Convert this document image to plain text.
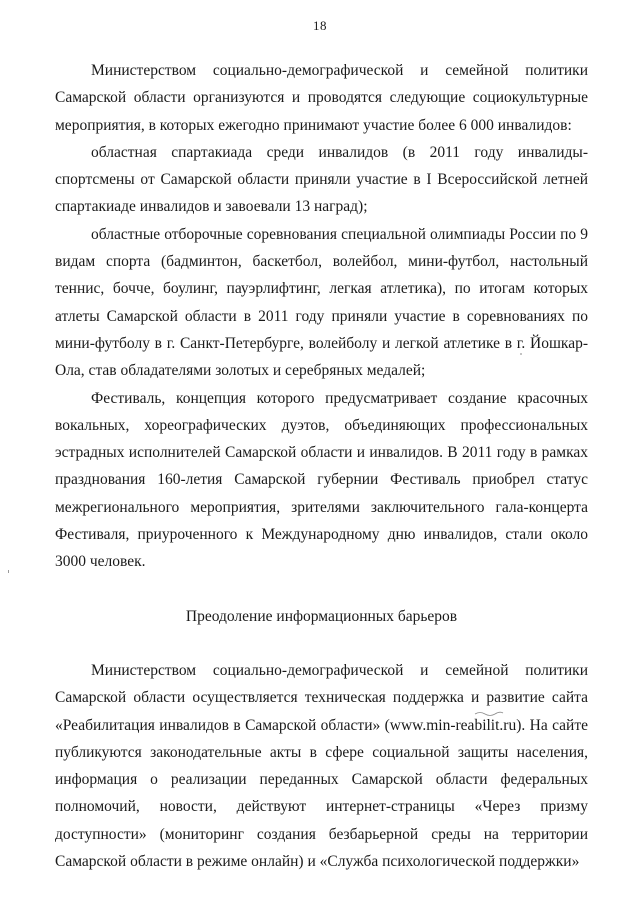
18

Министерством социально-демографической и семейной политики Самарской области организуются и проводятся следующие социокультурные мероприятия, в которых ежегодно принимают участие более 6 000 инвалидов:

областная спартакиада среди инвалидов (в 2011 году инвалиды-спортсмены от Самарской области приняли участие в I Всероссийской летней спартакиаде инвалидов и завоевали 13 наград);

областные отборочные соревнования специальной олимпиады России по 9 видам спорта (бадминтон, баскетбол, волейбол, мини-футбол, настольный теннис, бочче, боулинг, пауэрлифтинг, легкая атлетика), по итогам которых атлеты Самарской области в 2011 году приняли участие в соревнованиях по мини-футболу в г. Санкт-Петербурге, волейболу и легкой атлетике в г. Йошкар-Ола, став обладателями золотых и серебряных медалей;

Фестиваль, концепция которого предусматривает создание красочных вокальных, хореографических дуэтов, объединяющих профессиональных эстрадных исполнителей Самарской области и инвалидов. В 2011 году в рамках празднования 160-летия Самарской губернии Фестиваль приобрел статус межрегионального мероприятия, зрителями заключительного гала-концерта Фестиваля, приуроченного к Международному дню инвалидов, стали около 3000 человек.

Преодоление информационных барьеров

Министерством социально-демографической и семейной политики Самарской области осуществляется техническая поддержка и развитие сайта «Реабилитация инвалидов в Самарской области» (www.min-reabilit.ru). На сайте публикуются законодательные акты в сфере социальной защиты населения, информация о реализации переданных Самарской области федеральных полномочий, новости, действуют интернет-страницы «Через призму доступности» (мониторинг создания безбарьерной среды на территории Самарской области в режиме онлайн) и «Служба психологической поддержки»
